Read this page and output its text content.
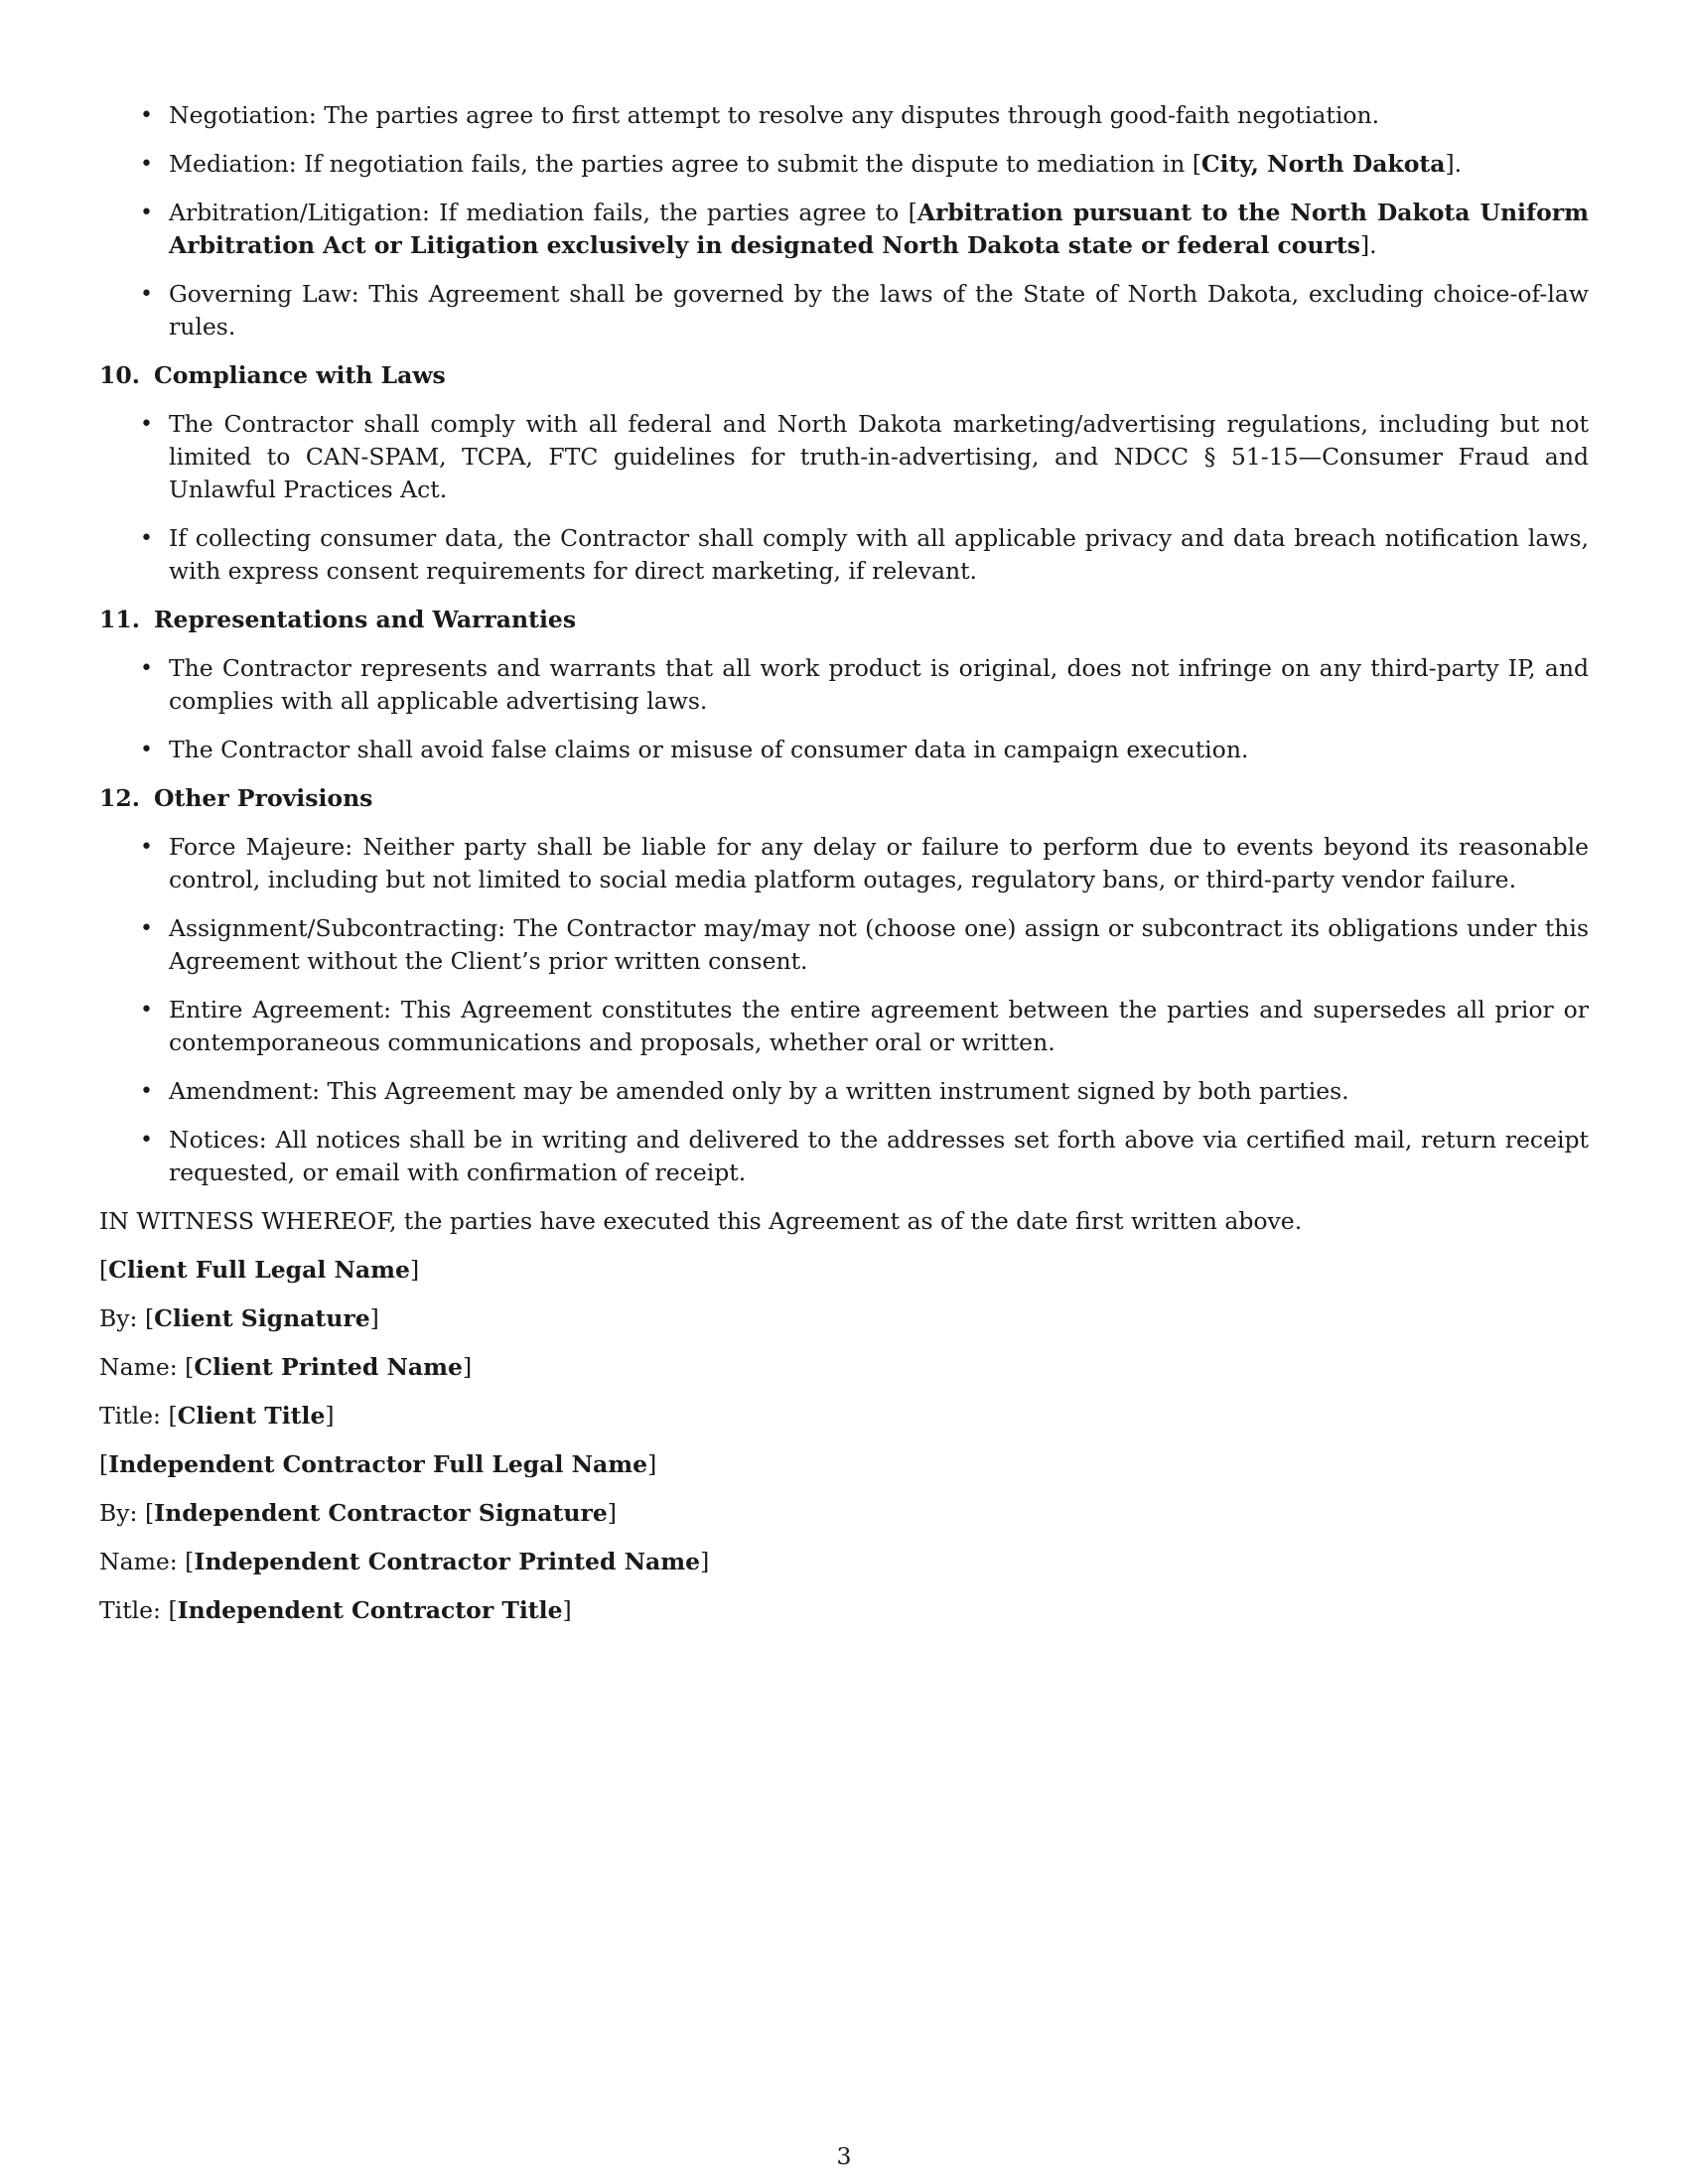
• Negotiation: The parties agree to first attempt to resolve any disputes through good-faith negotiation.
• Mediation: If negotiation fails, the parties agree to submit the dispute to mediation in [City, North Dakota].
• Arbitration/Litigation: If mediation fails, the parties agree to [Arbitration pursuant to the North Dakota Uniform Arbitration Act or Litigation exclusively in designated North Dakota state or federal courts].
• Governing Law: This Agreement shall be governed by the laws of the State of North Dakota, excluding choice-of-law rules.
10. Compliance with Laws
• The Contractor shall comply with all federal and North Dakota marketing/advertising regulations, including but not limited to CAN-SPAM, TCPA, FTC guidelines for truth-in-advertising, and NDCC § 51-15—Consumer Fraud and Unlawful Practices Act.
• If collecting consumer data, the Contractor shall comply with all applicable privacy and data breach notification laws, with express consent requirements for direct marketing, if relevant.
11. Representations and Warranties
• The Contractor represents and warrants that all work product is original, does not infringe on any third-party IP, and complies with all applicable advertising laws.
• The Contractor shall avoid false claims or misuse of consumer data in campaign execution.
12. Other Provisions
• Force Majeure: Neither party shall be liable for any delay or failure to perform due to events beyond its reasonable control, including but not limited to social media platform outages, regulatory bans, or third-party vendor failure.
• Assignment/Subcontracting: The Contractor may/may not (choose one) assign or subcontract its obligations under this Agreement without the Client’s prior written consent.
• Entire Agreement: This Agreement constitutes the entire agreement between the parties and supersedes all prior or contemporaneous communications and proposals, whether oral or written.
• Amendment: This Agreement may be amended only by a written instrument signed by both parties.
• Notices: All notices shall be in writing and delivered to the addresses set forth above via certified mail, return receipt requested, or email with confirmation of receipt.

IN WITNESS WHEREOF, the parties have executed this Agreement as of the date first written above.

[Client Full Legal Name]

By: [Client Signature]

Name: [Client Printed Name]

Title: [Client Title]

[Independent Contractor Full Legal Name]

By: [Independent Contractor Signature]

Name: [Independent Contractor Printed Name]

Title: [Independent Contractor Title]

3
